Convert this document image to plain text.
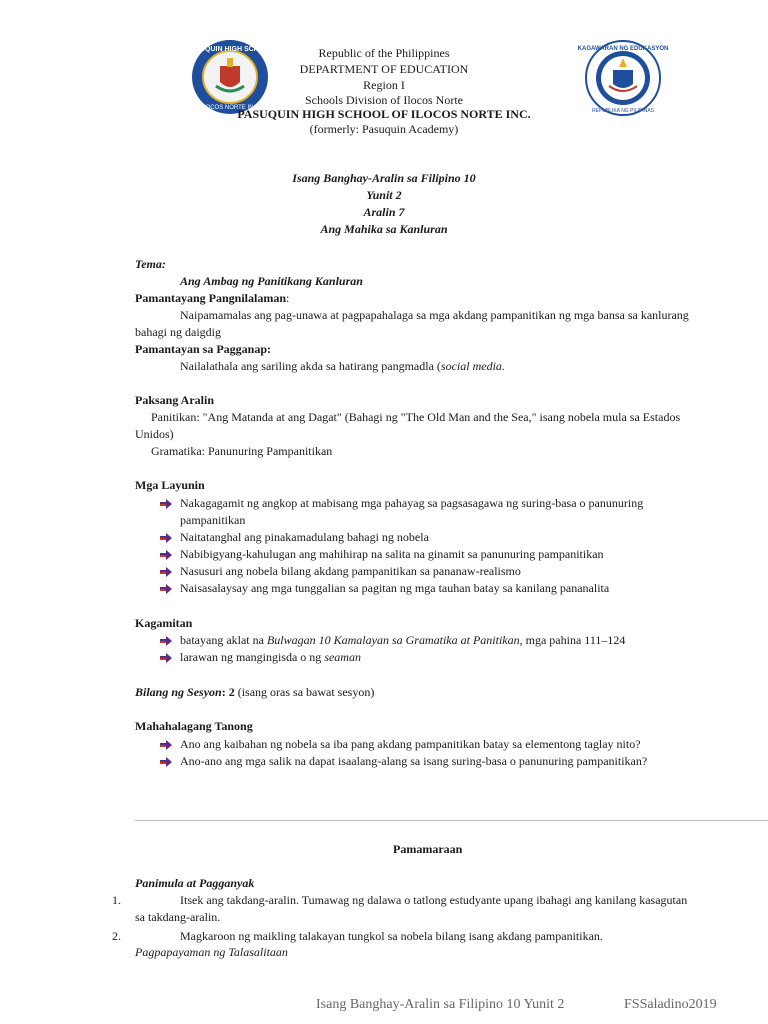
PASUQUIN HIGH SCHOOL
ILOCOS NORTE INC.
KAGAWARAN NG EDUKASYON
REPUBLIKA NG PILIPINAS
Republic of the Philippines
DEPARTMENT OF EDUCATION
Region I
Schools Division of Ilocos Norte
PASUQUIN HIGH SCHOOL OF ILOCOS NORTE INC.
(formerly: Pasuquin Academy)
Isang Banghay-Aralin sa Filipino 10
Yunit 2
Aralin 7
Ang Mahika sa Kanluran
Tema:
Ang Ambag ng Panitikang Kanluran
Pamantayang Pangnilalaman:
Naipamamalas ang pag-unawa at pagpapahalaga sa mga akdang pampanitikan ng mga bansa sa kanlurang
bahagi ng daigdig
Pamantayan sa Pagganap:
Nailalathala ang sariling akda sa hatirang pangmadla (social media.
Paksang Aralin
Panitikan: "Ang Matanda at ang Dagat" (Bahagi ng "The Old Man and the Sea," isang nobela mula sa Estados
Unidos)
Gramatika: Panunuring Pampanitikan
Mga Layunin
Nakagagamit ng angkop at mabisang mga pahayag sa pagsasagawa ng suring-basa o panunuring
pampanitikan
Naitatanghal ang pinakamadulang bahagi ng nobela
Nabibigyang-kahulugan ang mahihirap na salita na ginamit sa panunuring pampanitikan
Nasusuri ang nobela bilang akdang pampanitikan sa pananaw-realismo
Naisasalaysay ang mga tunggalian sa pagitan ng mga tauhan batay sa kanilang pananalita
Kagamitan
batayang aklat na Bulwagan 10 Kamalayan sa Gramatika at Panitikan, mga pahina 111–124
larawan ng mangingisda o ng seaman
Bilang ng Sesyon: 2 (isang oras sa bawat sesyon)
Mahahalagang Tanong
Ano ang kaibahan ng nobela sa iba pang akdang pampanitikan batay sa elementong taglay nito?
Ano-ano ang mga salik na dapat isaalang-alang sa isang suring-basa o panunuring pampanitikan?
Pamamaraan
Panimula at Pagganyak
1.	Itsek ang takdang-aralin. Tumawag ng dalawa o tatlong estudyante upang ibahagi ang kanilang kasagutan
sa takdang-aralin.
2.	Magkaroon ng maikling talakayan tungkol sa nobela bilang isang akdang pampanitikan.
Pagpapayaman ng Talasalitaan
Isang Banghay-Aralin sa Filipino 10 Yunit 2	FSSaladino2019
